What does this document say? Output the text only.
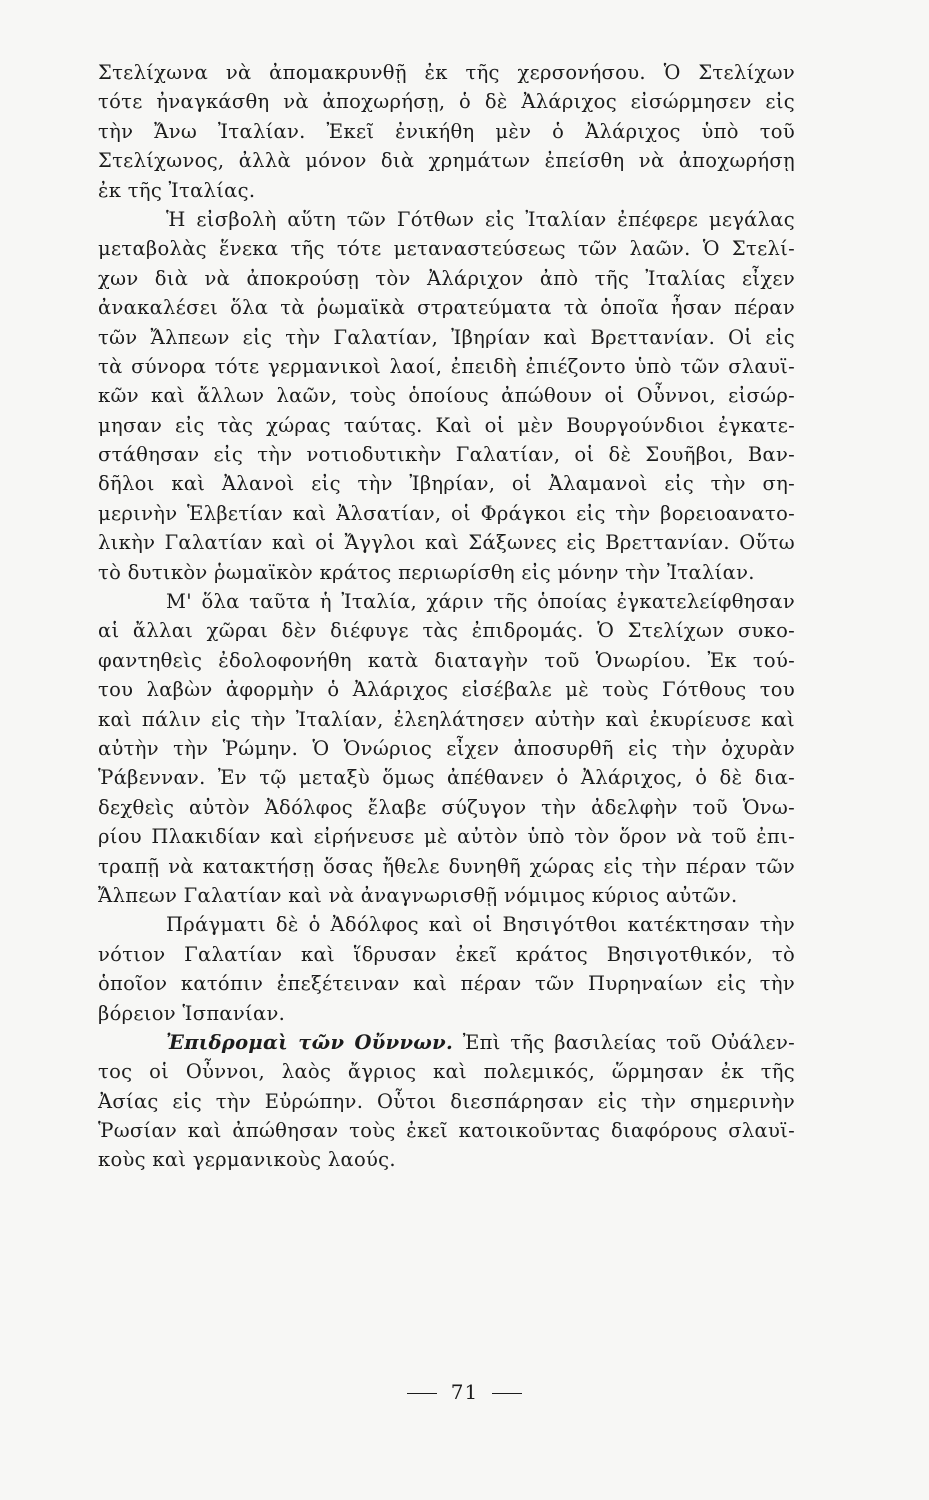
Στελίχωνα νὰ ἀπομακρυνθῇ ἐκ τῆς χερσονήσου. Ὁ Στελίχων
τότε ἠναγκάσθη νὰ ἀποχωρήσῃ, ὁ δὲ Ἀλάριχος εἰσώρμησεν εἰς
τὴν Ἄνω Ἰταλίαν. Ἐκεῖ ἐνικήθη μὲν ὁ Ἀλάριχος ὑπὸ τοῦ
Στελίχωνος, ἀλλὰ μόνον διὰ χρημάτων ἐπείσθη νὰ ἀποχωρήσῃ
ἐκ τῆς Ἰταλίας.
Ἡ εἰσβολὴ αὕτη τῶν Γότθων εἰς Ἰταλίαν ἐπέφερε μεγάλας
μεταβολὰς ἕνεκα τῆς τότε μεταναστεύσεως τῶν λαῶν. Ὁ Στελί-
χων διὰ νὰ ἀποκρούσῃ τὸν Ἀλάριχον ἀπὸ τῆς Ἰταλίας εἶχεν
ἀνακαλέσει ὅλα τὰ ῥωμαϊκὰ στρατεύματα τὰ ὁποῖα ἦσαν πέραν
τῶν Ἄλπεων εἰς τὴν Γαλατίαν, Ἰβηρίαν καὶ Βρεττανίαν. Οἱ εἰς
τὰ σύνορα τότε γερμανικοὶ λαοί, ἐπειδὴ ἐπιέζοντο ὑπὸ τῶν σλαυϊ-
κῶν καὶ ἄλλων λαῶν, τοὺς ὁποίους ἀπώθουν οἱ Οὖννοι, εἰσώρ-
μησαν εἰς τὰς χώρας ταύτας. Καὶ οἱ μὲν Βουργούνδιοι ἐγκατε-
στάθησαν εἰς τὴν νοτιοδυτικὴν Γαλατίαν, οἱ δὲ Σουῆβοι, Βαν-
δῆλοι καὶ Ἀλανοὶ εἰς τὴν Ἰβηρίαν, οἱ Ἀλαμανοὶ εἰς τὴν ση-
μερινὴν Ἑλβετίαν καὶ Ἀλσατίαν, οἱ Φράγκοι εἰς τὴν βορειοανατο-
λικὴν Γαλατίαν καὶ οἱ Ἄγγλοι καὶ Σάξωνες εἰς Βρεττανίαν. Οὕτω
τὸ δυτικὸν ῥωμαϊκὸν κράτος περιωρίσθη εἰς μόνην τὴν Ἰταλίαν.
Μ' ὅλα ταῦτα ἡ Ἰταλία, χάριν τῆς ὁποίας ἐγκατελείφθησαν
αἱ ἄλλαι χῶραι δὲν διέφυγε τὰς ἐπιδρομάς. Ὁ Στελίχων συκο-
φαντηθεὶς ἐδολοφονήθη κατὰ διαταγὴν τοῦ Ὁνωρίου. Ἐκ τού-
του λαβὼν ἀφορμὴν ὁ Ἀλάριχος εἰσέβαλε μὲ τοὺς Γότθους του
καὶ πάλιν εἰς τὴν Ἰταλίαν, ἐλεηλάτησεν αὐτὴν καὶ ἐκυρίευσε καὶ
αὐτὴν τὴν Ῥώμην. Ὁ Ὁνώριος εἶχεν ἀποσυρθῆ εἰς τὴν ὀχυρὰν
Ῥάβενναν. Ἐν τῷ μεταξὺ ὅμως ἀπέθανεν ὁ Ἀλάριχος, ὁ δὲ δια-
δεχθεὶς αὐτὸν Ἀδόλφος ἔλαβε σύζυγον τὴν ἀδελφὴν τοῦ Ὁνω-
ρίου Πλακιδίαν καὶ εἰρήνευσε μὲ αὐτὸν ὑπὸ τὸν ὅρον νὰ τοῦ ἐπι-
τραπῇ νὰ κατακτήσῃ ὅσας ἤθελε δυνηθῆ χώρας εἰς τὴν πέραν τῶν
Ἄλπεων Γαλατίαν καὶ νὰ ἀναγνωρισθῇ νόμιμος κύριος αὐτῶν.
Πράγματι δὲ ὁ Ἀδόλφος καὶ οἱ Βησιγότθοι κατέκτησαν τὴν
νότιον Γαλατίαν καὶ ἵδρυσαν ἐκεῖ κράτος Βησιγοτθικόν, τὸ
ὁποῖον κατόπιν ἐπεξέτειναν καὶ πέραν τῶν Πυρηναίων εἰς τὴν
βόρειον Ἱσπανίαν.
Ἐπιδρομαὶ τῶν Οὔννων. Ἐπὶ τῆς βασιλείας τοῦ Οὐάλεν-
τος οἱ Οὖννοι, λαὸς ἄγριος καὶ πολεμικός, ὥρμησαν ἐκ τῆς
Ἀσίας εἰς τὴν Εὐρώπην. Οὗτοι διεσπάρησαν εἰς τὴν σημερινὴν
Ῥωσίαν καὶ ἀπώθησαν τοὺς ἐκεῖ κατοικοῦντας διαφόρους σλαυϊ-
κοὺς καὶ γερμανικοὺς λαούς.
71
